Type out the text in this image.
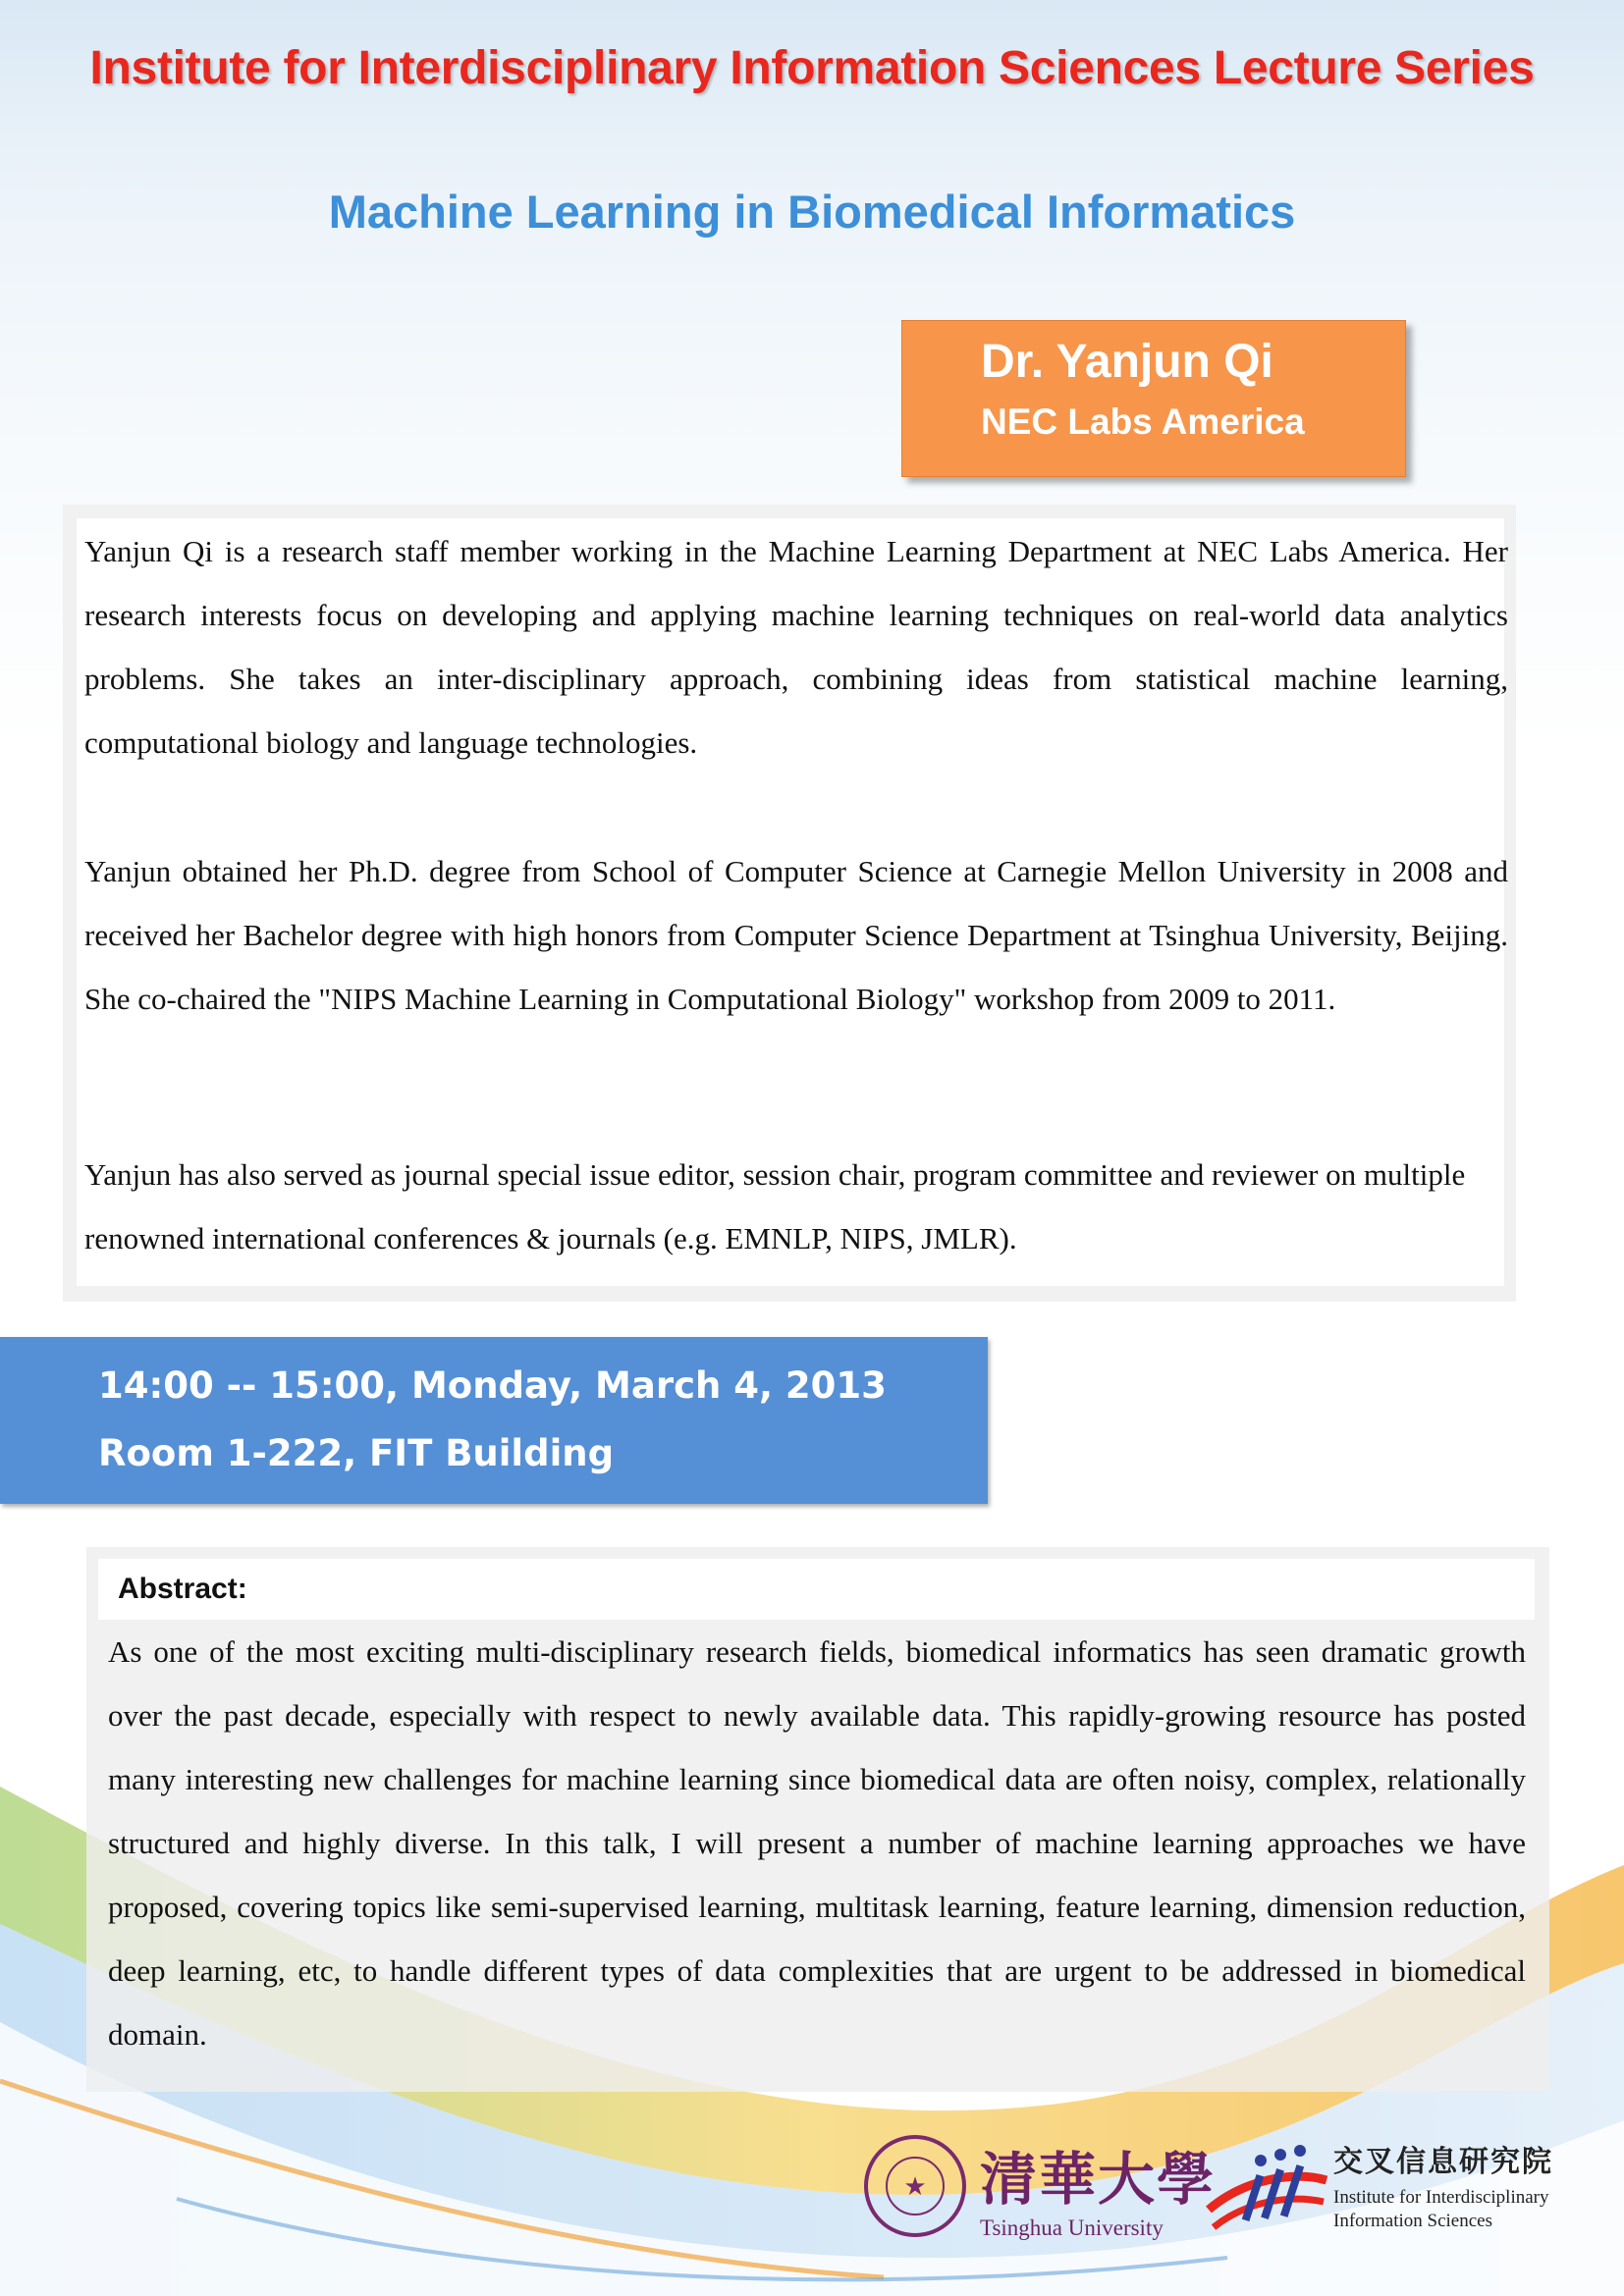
Institute for Interdisciplinary Information Sciences Lecture Series
Machine Learning in Biomedical Informatics
Dr. Yanjun Qi
NEC Labs America
Yanjun Qi is a research staff member working in the Machine Learning Department at NEC Labs America. Her research interests focus on developing and applying machine learning techniques on real-world data analytics problems. She takes an inter-disciplinary approach, combining ideas from statistical machine learning, computational biology and language technologies.
Yanjun obtained her Ph.D. degree from School of Computer Science at Carnegie Mellon University in 2008 and received her Bachelor degree with high honors from Computer Science Department at Tsinghua University, Beijing. She co-chaired the "NIPS Machine Learning in Computational Biology" workshop from 2009 to 2011.
Yanjun has also served as journal special issue editor, session chair, program committee and reviewer on multiple renowned international conferences & journals (e.g. EMNLP, NIPS, JMLR).
14:00 -- 15:00, Monday, March 4, 2013
Room 1-222, FIT Building
Abstract:
As one of the most exciting multi-disciplinary research fields, biomedical informatics has seen dramatic growth over the past decade, especially with respect to newly available data. This rapidly-growing resource has posted many interesting new challenges for machine learning since biomedical data are often noisy, complex, relationally structured and highly diverse. In this talk, I will present a number of machine learning approaches we have proposed, covering topics like semi-supervised learning, multitask learning, feature learning, dimension reduction, deep learning, etc, to handle different types of data complexities that are urgent to be addressed in biomedical domain.
★ 清華大學
Tsinghua University
交叉信息研究院
Institute for Interdisciplinary
Information Sciences
